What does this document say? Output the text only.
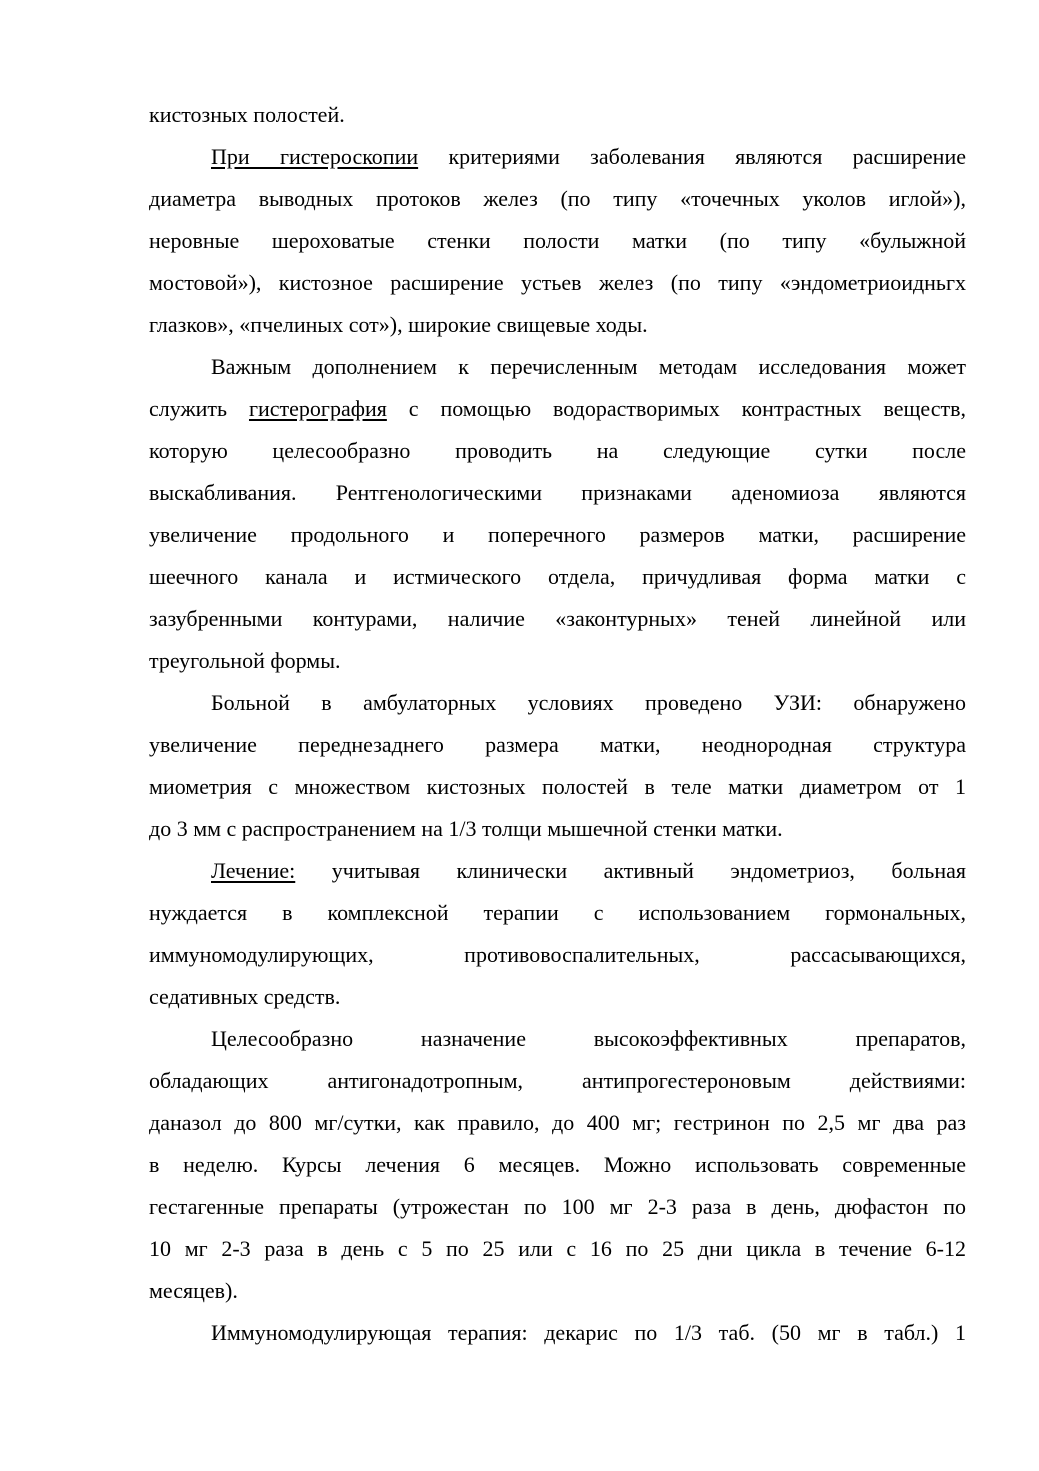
кистозных полостей.
При гистероскопии критериями заболевания являются расширение
диаметра выводных протоков желез (по типу «точечных уколов иглой»),
неровные шероховатые стенки полости матки (по типу «булыжной
мостовой»), кистозное расширение устьев желез (по типу «эндометриоидньгх
глазков», «пчелиных сот»), широкие свищевые ходы.
Важным дополнением к перечисленным методам исследования может
служить гистерография с помощью водорастворимых контрастных веществ,
которую целесообразно проводить на следующие сутки после
выскабливания. Рентгенологическими признаками аденомиоза являются
увеличение продольного и поперечного размеров матки, расширение
шеечного канала и истмического отдела, причудливая форма матки с
зазубренными контурами, наличие «законтурных» теней линейной или
треугольной формы.
Больной в амбулаторных условиях проведено УЗИ: обнаружено
увеличение переднезаднего размера матки, неоднородная структура
миометрия с множеством кистозных полостей в теле матки диаметром от 1
до 3 мм с распространением на 1/3 толщи мышечной стенки матки.
Лечение: учитывая клинически активный эндометриоз, больная
нуждается в комплексной терапии с использованием гормональных,
иммуномодулирующих, противовоспалительных, рассасывающихся,
седативных средств.
Целесообразно назначение высокоэффективных препаратов,
обладающих антигонадотропным, антипрогестероновым действиями:
даназол до 800 мг/сутки, как правило, до 400 мг; гестринон по 2,5 мг два раз
в неделю. Курсы лечения 6 месяцев. Можно использовать современные
гестагенные препараты (утрожестан по 100 мг 2-3 раза в день, дюфастон по
10 мг 2-3 раза в день с 5 по 25 или с 16 по 25 дни цикла в течение 6-12
месяцев).
Иммуномодулирующая терапия: декарис по 1/3 таб. (50 мг в табл.) 1
